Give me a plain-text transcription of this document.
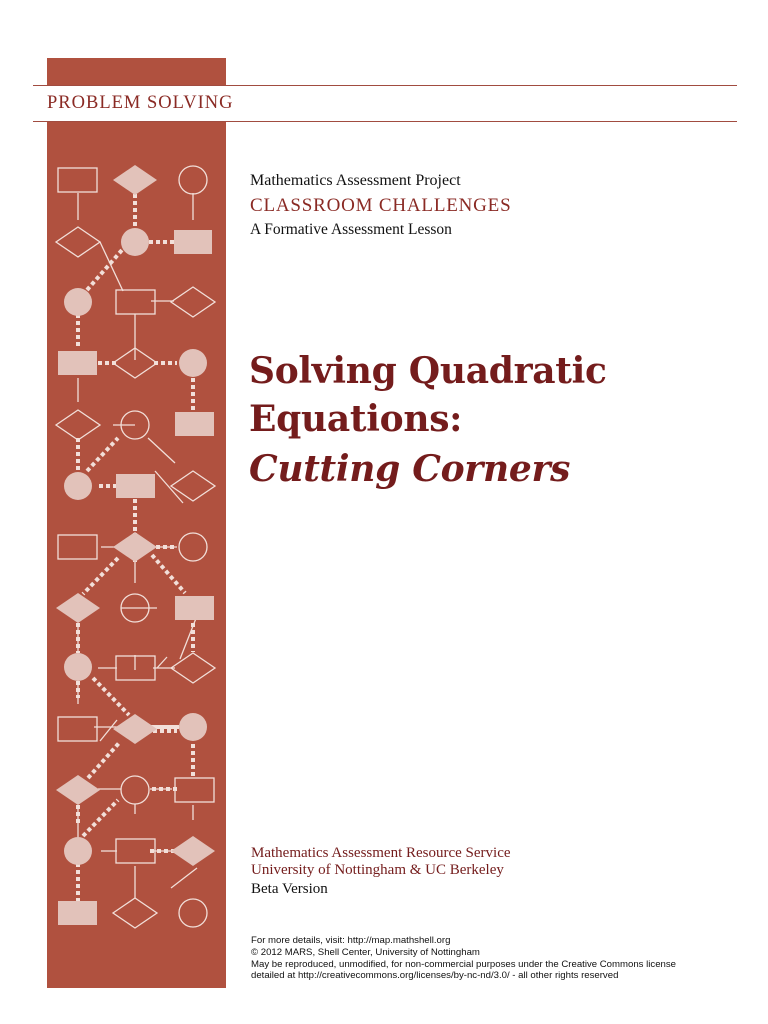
PROBLEM SOLVING
Mathematics Assessment Project
CLASSROOM CHALLENGES
A Formative Assessment Lesson
Solving Quadratic
Equations:
Cutting Corners
Mathematics Assessment Resource Service
University of Nottingham & UC Berkeley
Beta Version
For more details, visit: http://map.mathshell.org
© 2012 MARS, Shell Center, University of Nottingham
May be reproduced, unmodified, for non-commercial purposes under the Creative Commons license
detailed at http://creativecommons.org/licenses/by-nc-nd/3.0/ - all other rights reserved
